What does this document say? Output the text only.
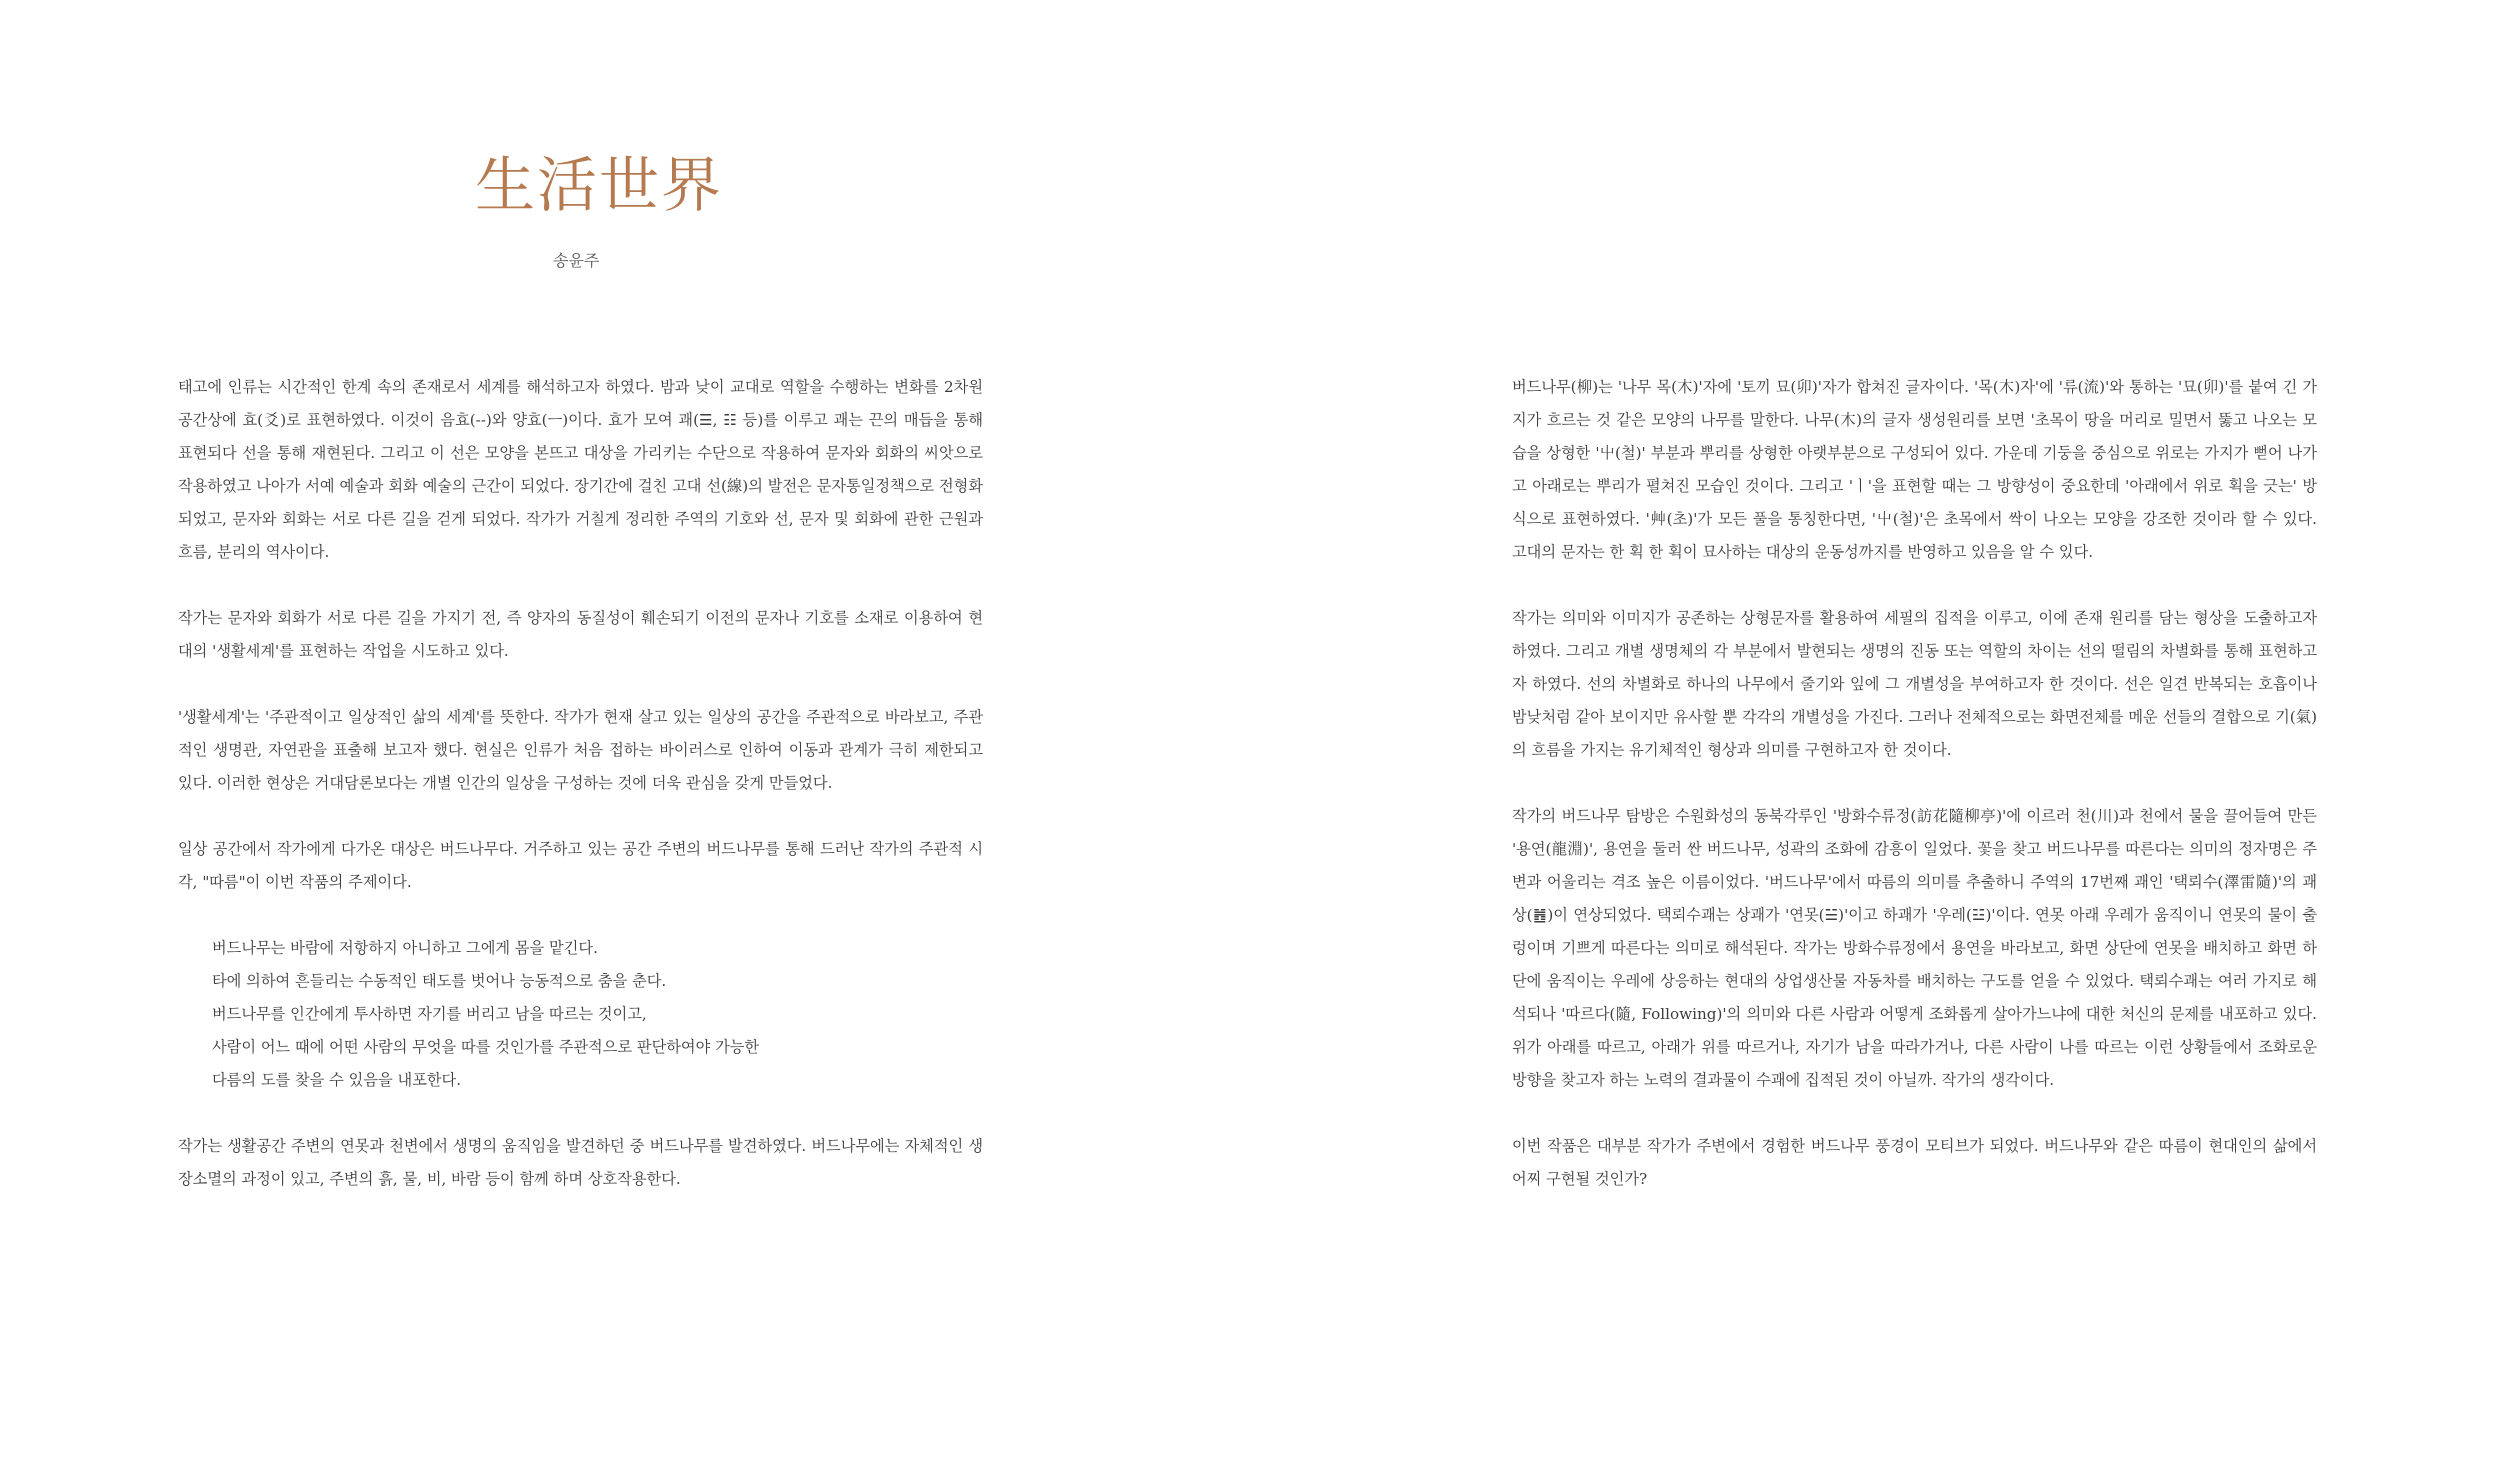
生活世界
송윤주

태고에 인류는 시간적인 한계 속의 존재로서 세계를 해석하고자 하였다. 밤과 낮이 교대로 역할을 수행하는 변화를 2차원 공간상에 효(爻)로 표현하였다. 이것이 음효(--)와 양효(ㅡ)이다. 효가 모여 괘(☰, ☷ 등)를 이루고 괘는 끈의 매듭을 통해 표현되다 선을 통해 재현된다. 그리고 이 선은 모양을 본뜨고 대상을 가리키는 수단으로 작용하여 문자와 회화의 씨앗으로 작용하였고 나아가 서예 예술과 회화 예술의 근간이 되었다. 장기간에 걸친 고대 선(線)의 발전은 문자통일정책으로 전형화 되었고, 문자와 회화는 서로 다른 길을 걷게 되었다. 작가가 거칠게 정리한 주역의 기호와 선, 문자 및 회화에 관한 근원과 흐름, 분리의 역사이다.

작가는 문자와 회화가 서로 다른 길을 가지기 전, 즉 양자의 동질성이 훼손되기 이전의 문자나 기호를 소재로 이용하여 현대의 '생활세계'를 표현하는 작업을 시도하고 있다.

'생활세계'는 '주관적이고 일상적인 삶의 세계'를 뜻한다. 작가가 현재 살고 있는 일상의 공간을 주관적으로 바라보고, 주관적인 생명관, 자연관을 표출해 보고자 했다. 현실은 인류가 처음 접하는 바이러스로 인하여 이동과 관계가 극히 제한되고 있다. 이러한 현상은 거대담론보다는 개별 인간의 일상을 구성하는 것에 더욱 관심을 갖게 만들었다.

일상 공간에서 작가에게 다가온 대상은 버드나무다. 거주하고 있는 공간 주변의 버드나무를 통해 드러난 작가의 주관적 시각, "따름"이 이번 작품의 주제이다.

버드나무는 바람에 저항하지 아니하고 그에게 몸을 맡긴다.
타에 의하여 흔들리는 수동적인 태도를 벗어나 능동적으로 춤을 춘다.
버드나무를 인간에게 투사하면 자기를 버리고 남을 따르는 것이고,
사람이 어느 때에 어떤 사람의 무엇을 따를 것인가를 주관적으로 판단하여야 가능한
다름의 도를 찾을 수 있음을 내포한다.

작가는 생활공간 주변의 연못과 천변에서 생명의 움직임을 발견하던 중 버드나무를 발견하였다. 버드나무에는 자체적인 생장소멸의 과정이 있고, 주변의 흙, 물, 비, 바람 등이 함께 하며 상호작용한다.

버드나무(柳)는 '나무 목(木)'자에 '토끼 묘(卯)'자가 합쳐진 글자이다. '목(木)자'에 '류(流)'와 통하는 '묘(卯)'를 붙여 긴 가지가 흐르는 것 같은 모양의 나무를 말한다. 나무(木)의 글자 생성원리를 보면 '초목이 땅을 머리로 밀면서 뚫고 나오는 모습을 상형한 '屮(철)' 부분과 뿌리를 상형한 아랫부분으로 구성되어 있다. 가운데 기둥을 중심으로 위로는 가지가 뻗어 나가고 아래로는 뿌리가 펼쳐진 모습인 것이다. 그리고 'ㅣ'을 표현할 때는 그 방향성이 중요한데 '아래에서 위로 획을 긋는' 방식으로 표현하였다. '艸(초)'가 모든 풀을 통칭한다면, '屮(철)'은 초목에서 싹이 나오는 모양을 강조한 것이라 할 수 있다. 고대의 문자는 한 획 한 획이 묘사하는 대상의 운동성까지를 반영하고 있음을 알 수 있다.

작가는 의미와 이미지가 공존하는 상형문자를 활용하여 세필의 집적을 이루고, 이에 존재 원리를 담는 형상을 도출하고자 하였다. 그리고 개별 생명체의 각 부분에서 발현되는 생명의 진동 또는 역할의 차이는 선의 떨림의 차별화를 통해 표현하고자 하였다. 선의 차별화로 하나의 나무에서 줄기와 잎에 그 개별성을 부여하고자 한 것이다. 선은 일견 반복되는 호흡이나 밤낮처럼 같아 보이지만 유사할 뿐 각각의 개별성을 가진다. 그러나 전체적으로는 화면전체를 메운 선들의 결합으로 기(氣)의 흐름을 가지는 유기체적인 형상과 의미를 구현하고자 한 것이다.

작가의 버드나무 탐방은 수원화성의 동북각루인 '방화수류정(訪花隨柳亭)'에 이르러 천(川)과 천에서 물을 끌어들여 만든 '용연(龍淵)', 용연을 둘러 싼 버드나무, 성곽의 조화에 감흥이 일었다. 꽃을 찾고 버드나무를 따른다는 의미의 정자명은 주변과 어울리는 격조 높은 이름이었다. '버드나무'에서 따름의 의미를 추출하니 주역의 17번째 괘인 '택뢰수(澤雷隨)'의 괘상(䷐)이 연상되었다. 택뢰수괘는 상괘가 '연못(☱)'이고 하괘가 '우레(☳)'이다. 연못 아래 우레가 움직이니 연못의 물이 출렁이며 기쁘게 따른다는 의미로 해석된다. 작가는 방화수류정에서 용연을 바라보고, 화면 상단에 연못을 배치하고 화면 하단에 움직이는 우레에 상응하는 현대의 상업생산물 자동차를 배치하는 구도를 얻을 수 있었다. 택뢰수괘는 여러 가지로 해석되나 '따르다(隨, Following)'의 의미와 다른 사람과 어떻게 조화롭게 살아가느냐에 대한 처신의 문제를 내포하고 있다. 위가 아래를 따르고, 아래가 위를 따르거나, 자기가 남을 따라가거나, 다른 사람이 나를 따르는 이런 상황들에서 조화로운 방향을 찾고자 하는 노력의 결과물이 수괘에 집적된 것이 아닐까. 작가의 생각이다.

이번 작품은 대부분 작가가 주변에서 경험한 버드나무 풍경이 모티브가 되었다. 버드나무와 같은 따름이 현대인의 삶에서 어찌 구현될 것인가?
